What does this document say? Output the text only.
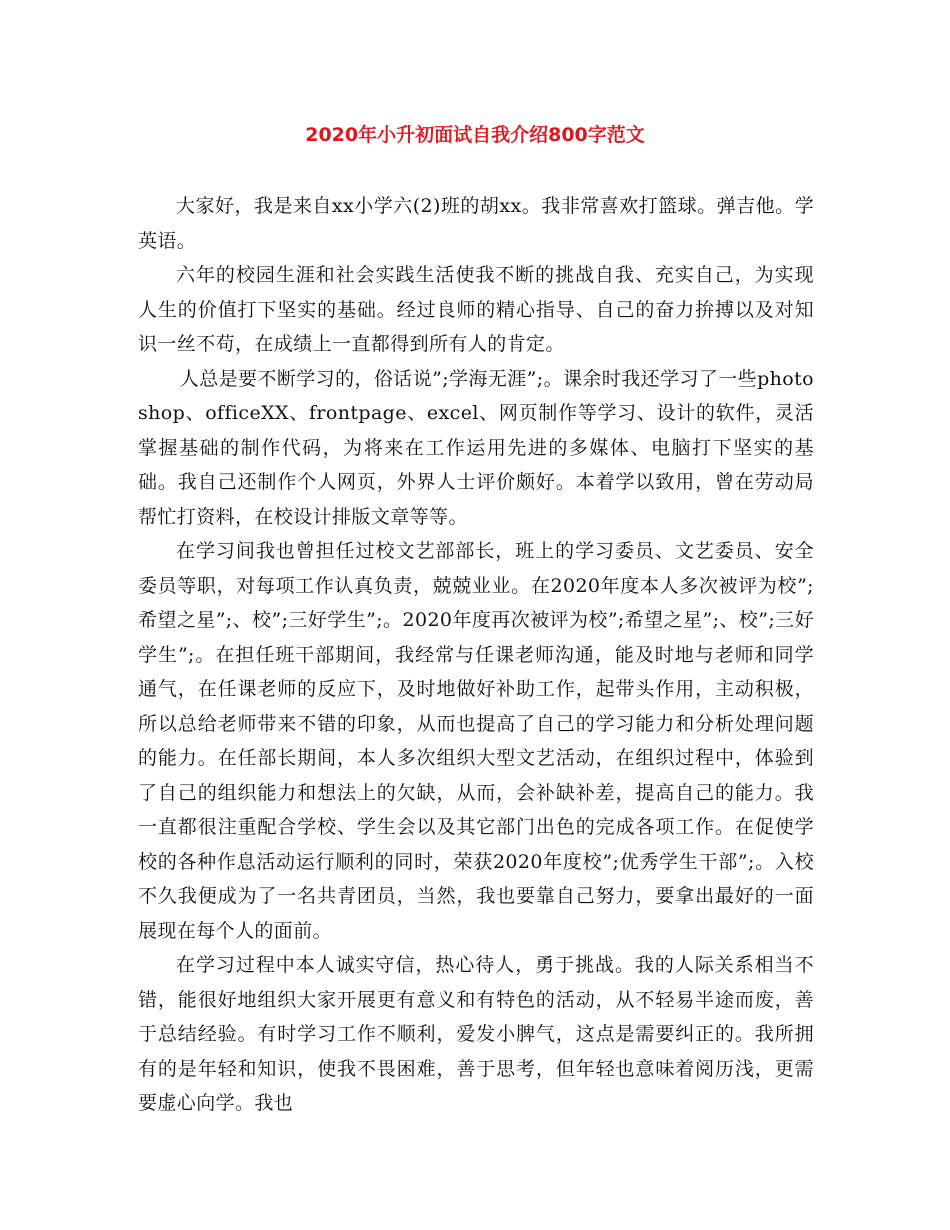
2020年小升初面试自我介绍800字范文

大家好，我是来自xx小学六(2)班的胡xx。我非常喜欢打篮球。弹吉他。学英语。

六年的校园生涯和社会实践生活使我不断的挑战自我、充实自己，为实现人生的价值打下坚实的基础。经过良师的精心指导、自己的奋力拚搏以及对知识一丝不苟，在成绩上一直都得到所有人的肯定。

人总是要不断学习的，俗话说”;学海无涯”;。课余时我还学习了一些photoshop、officeXX、frontpage、excel、网页制作等学习、设计的软件，灵活掌握基础的制作代码，为将来在工作运用先进的多媒体、电脑打下坚实的基础。我自己还制作个人网页，外界人士评价颇好。本着学以致用，曾在劳动局帮忙打资料，在校设计排版文章等等。

在学习间我也曾担任过校文艺部部长，班上的学习委员、文艺委员、安全委员等职，对每项工作认真负责，兢兢业业。在2020年度本人多次被评为校”;希望之星”;、校”;三好学生”;。2020年度再次被评为校”;希望之星”;、校”;三好学生”;。在担任班干部期间，我经常与任课老师沟通，能及时地与老师和同学通气，在任课老师的反应下，及时地做好补助工作，起带头作用，主动积极，所以总给老师带来不错的印象，从而也提高了自己的学习能力和分析处理问题的能力。在任部长期间，本人多次组织大型文艺活动，在组织过程中，体验到了自己的组织能力和想法上的欠缺，从而，会补缺补差，提高自己的能力。我一直都很注重配合学校、学生会以及其它部门出色的完成各项工作。在促使学校的各种作息活动运行顺利的同时，荣获2020年度校”;优秀学生干部”;。入校不久我便成为了一名共青团员，当然，我也要靠自己努力，要拿出最好的一面展现在每个人的面前。

在学习过程中本人诚实守信，热心待人，勇于挑战。我的人际关系相当不错，能很好地组织大家开展更有意义和有特色的活动，从不轻易半途而废，善于总结经验。有时学习工作不顺利，爱发小脾气，这点是需要纠正的。我所拥有的是年轻和知识，使我不畏困难，善于思考，但年轻也意味着阅历浅，更需要虚心向学。我也
